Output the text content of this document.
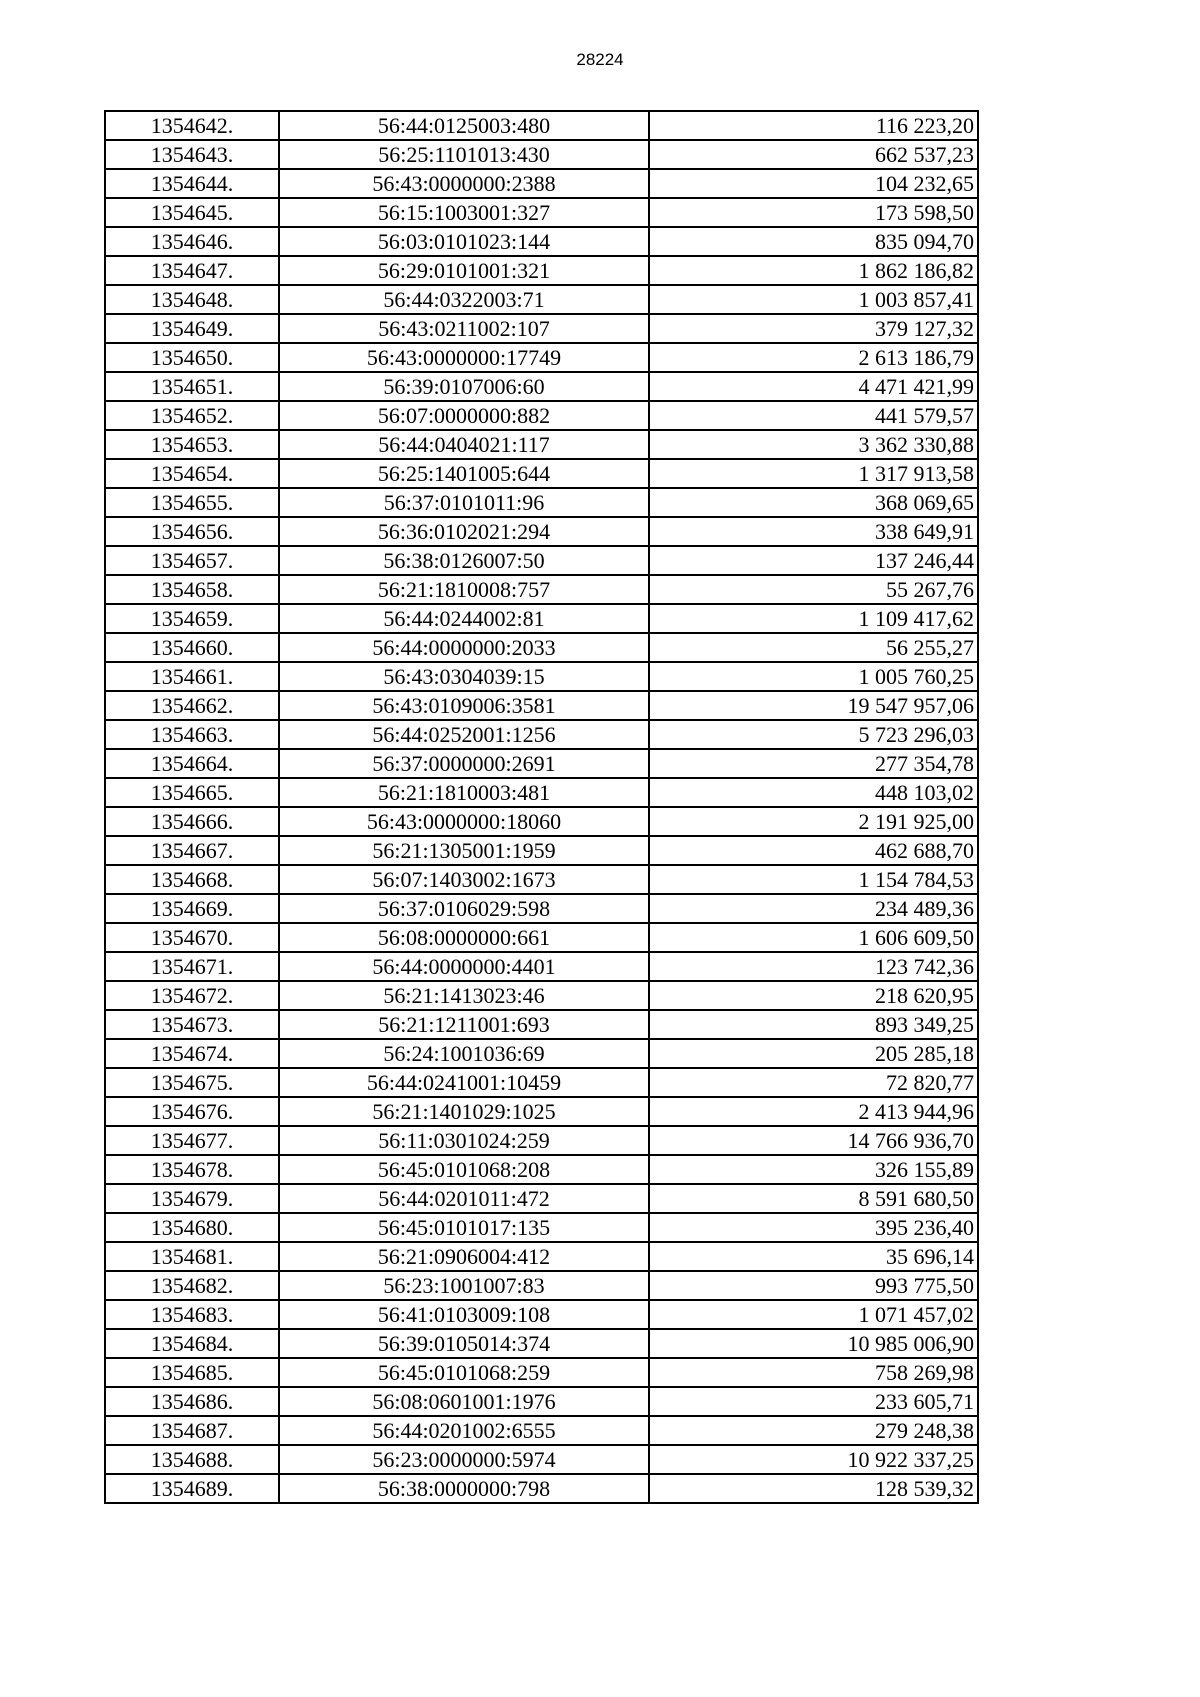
28224
1354642.	56:44:0125003:480	116 223,20
1354643.	56:25:1101013:430	662 537,23
1354644.	56:43:0000000:2388	104 232,65
1354645.	56:15:1003001:327	173 598,50
1354646.	56:03:0101023:144	835 094,70
1354647.	56:29:0101001:321	1 862 186,82
1354648.	56:44:0322003:71	1 003 857,41
1354649.	56:43:0211002:107	379 127,32
1354650.	56:43:0000000:17749	2 613 186,79
1354651.	56:39:0107006:60	4 471 421,99
1354652.	56:07:0000000:882	441 579,57
1354653.	56:44:0404021:117	3 362 330,88
1354654.	56:25:1401005:644	1 317 913,58
1354655.	56:37:0101011:96	368 069,65
1354656.	56:36:0102021:294	338 649,91
1354657.	56:38:0126007:50	137 246,44
1354658.	56:21:1810008:757	55 267,76
1354659.	56:44:0244002:81	1 109 417,62
1354660.	56:44:0000000:2033	56 255,27
1354661.	56:43:0304039:15	1 005 760,25
1354662.	56:43:0109006:3581	19 547 957,06
1354663.	56:44:0252001:1256	5 723 296,03
1354664.	56:37:0000000:2691	277 354,78
1354665.	56:21:1810003:481	448 103,02
1354666.	56:43:0000000:18060	2 191 925,00
1354667.	56:21:1305001:1959	462 688,70
1354668.	56:07:1403002:1673	1 154 784,53
1354669.	56:37:0106029:598	234 489,36
1354670.	56:08:0000000:661	1 606 609,50
1354671.	56:44:0000000:4401	123 742,36
1354672.	56:21:1413023:46	218 620,95
1354673.	56:21:1211001:693	893 349,25
1354674.	56:24:1001036:69	205 285,18
1354675.	56:44:0241001:10459	72 820,77
1354676.	56:21:1401029:1025	2 413 944,96
1354677.	56:11:0301024:259	14 766 936,70
1354678.	56:45:0101068:208	326 155,89
1354679.	56:44:0201011:472	8 591 680,50
1354680.	56:45:0101017:135	395 236,40
1354681.	56:21:0906004:412	35 696,14
1354682.	56:23:1001007:83	993 775,50
1354683.	56:41:0103009:108	1 071 457,02
1354684.	56:39:0105014:374	10 985 006,90
1354685.	56:45:0101068:259	758 269,98
1354686.	56:08:0601001:1976	233 605,71
1354687.	56:44:0201002:6555	279 248,38
1354688.	56:23:0000000:5974	10 922 337,25
1354689.	56:38:0000000:798	128 539,32
